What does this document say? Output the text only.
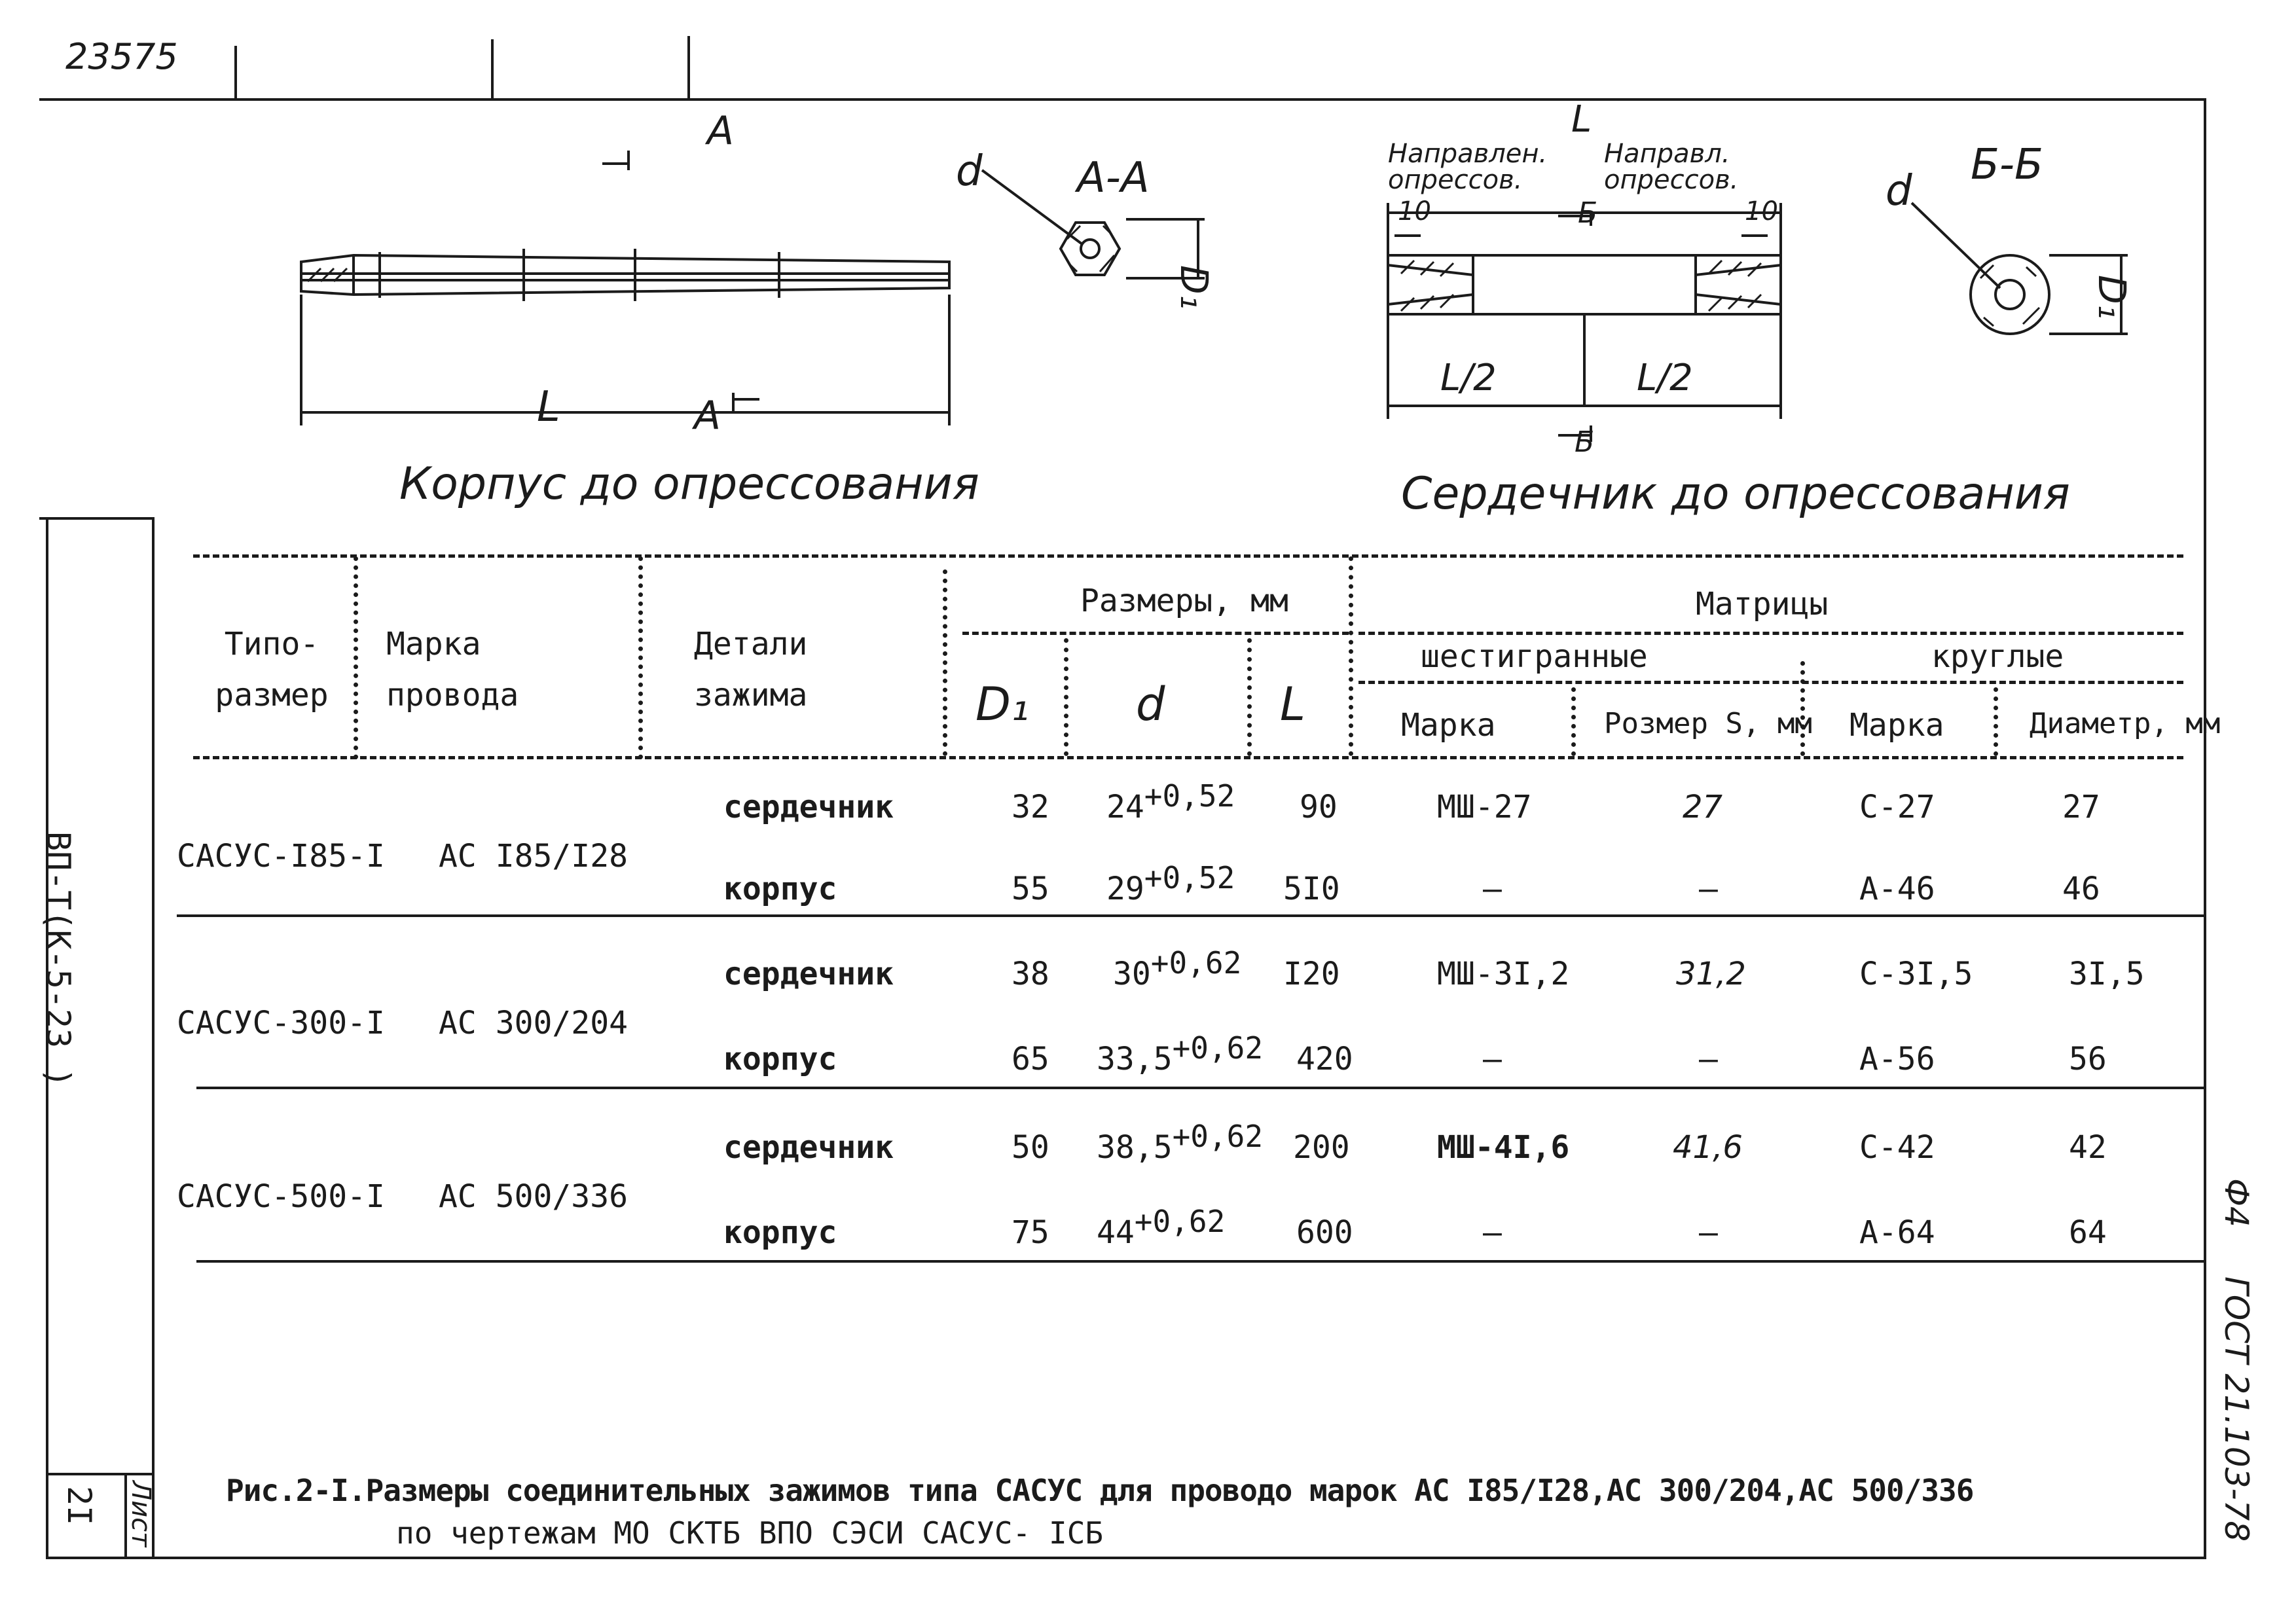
23575
А
А
L
Корпус до опрессования
d А-А
D₁
L
Направлен. опрессов.
Направл. опрессов.
10	10
Б
L/2	L/2
Б
Сердечник до опрессования
d
Б-Б
D₁
Типо-размер
Марка провода
Детали зажима
Размеры, мм
D₁ d	L
Матрицы
шестигранные	круглые
Марка	Розмер S, мм Марка	Диаметр, мм
САСУС-I85-I АС I85/I28
сердечник	32 24+0,52 90	МШ-27	27	С-27	27
корпус	55 29+0,52 5I0	–	–	А-46	46
САСУС-300-I АС 300/204
сердечник	38 30+0,62 I20	МШ-3I,2	31,2	С-3I,5	3I,5
корпус	65 33,5+0,62 420	–	–	А-56	56
САСУС-500-I АС 500/336
сердечник	50 38,5+0,62 200	МШ-4I,6	41,6	С-42	42
корпус	75 44+0,62 600	–	–	А-64	64
Рис.2-I.Размеры соединительных зажимов типа САСУС для проводо марок АС I85/I28,АС 300/204,АС 500/336
по чертежам МО СКТБ ВПО СЭСИ САСУС- IСБ
ВП-Т(К-5-23 )
Лист
2I	ГОСТ 21.103-78
Ф4
